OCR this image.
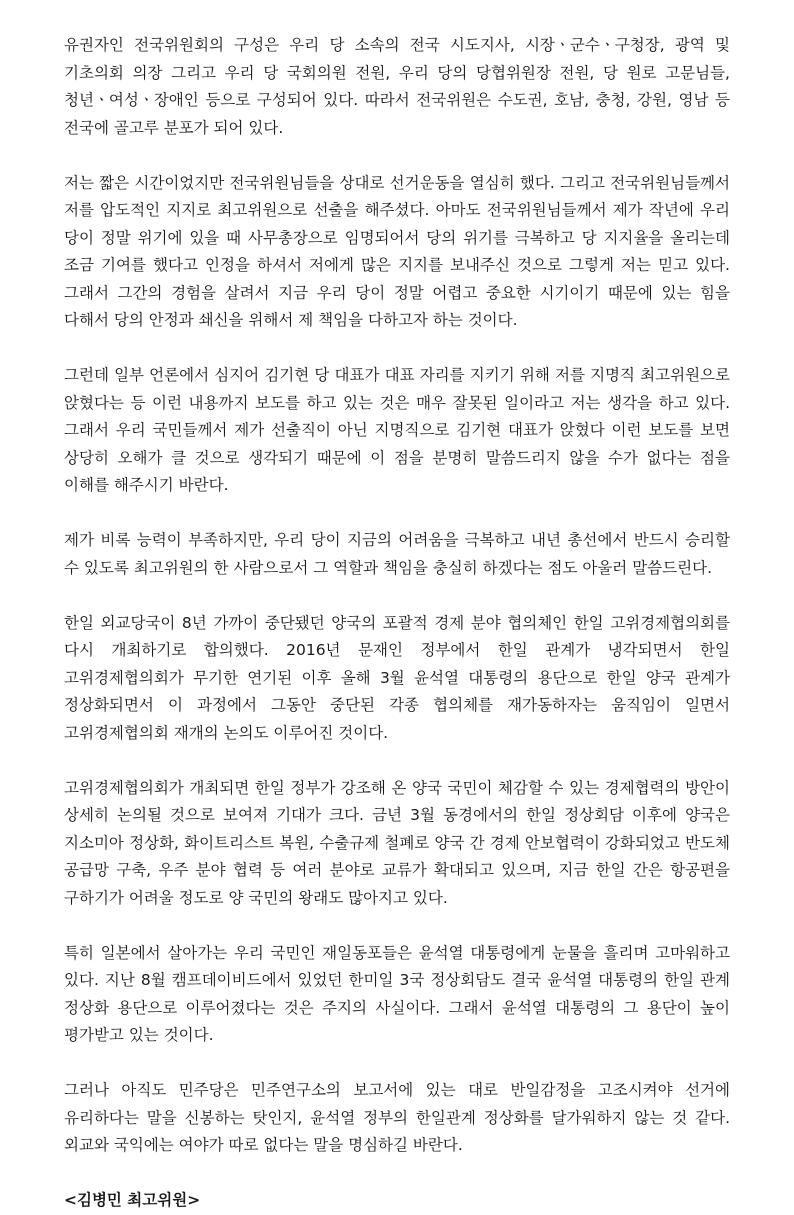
유권자인 전국위원회의 구성은 우리 당 소속의 전국 시도지사, 시장ㆍ군수ㆍ구청장, 광역 및 기초의회 의장 그리고 우리 당 국회의원 전원, 우리 당의 당협위원장 전원, 당 원로 고문님들, 청년ㆍ여성ㆍ장애인 등으로 구성되어 있다. 따라서 전국위원은 수도권, 호남, 충청, 강원, 영남 등 전국에 골고루 분포가 되어 있다.

저는 짧은 시간이었지만 전국위원님들을 상대로 선거운동을 열심히 했다. 그리고 전국위원님들께서 저를 압도적인 지지로 최고위원으로 선출을 해주셨다. 아마도 전국위원님들께서 제가 작년에 우리 당이 정말 위기에 있을 때 사무총장으로 임명되어서 당의 위기를 극복하고 당 지지율을 올리는데 조금 기여를 했다고 인정을 하셔서 저에게 많은 지지를 보내주신 것으로 그렇게 저는 믿고 있다. 그래서 그간의 경험을 살려서 지금 우리 당이 정말 어렵고 중요한 시기이기 때문에 있는 힘을 다해서 당의 안정과 쇄신을 위해서 제 책임을 다하고자 하는 것이다.

그런데 일부 언론에서 심지어 김기현 당 대표가 대표 자리를 지키기 위해 저를 지명직 최고위원으로 앉혔다는 등 이런 내용까지 보도를 하고 있는 것은 매우 잘못된 일이라고 저는 생각을 하고 있다. 그래서 우리 국민들께서 제가 선출직이 아닌 지명직으로 김기현 대표가 앉혔다 이런 보도를 보면 상당히 오해가 클 것으로 생각되기 때문에 이 점을 분명히 말씀드리지 않을 수가 없다는 점을 이해를 해주시기 바란다.

제가 비록 능력이 부족하지만, 우리 당이 지금의 어려움을 극복하고 내년 총선에서 반드시 승리할 수 있도록 최고위원의 한 사람으로서 그 역할과 책임을 충실히 하겠다는 점도 아울러 말씀드린다.

한일 외교당국이 8년 가까이 중단됐던 양국의 포괄적 경제 분야 협의체인 한일 고위경제협의회를 다시 개최하기로 합의했다. 2016년 문재인 정부에서 한일 관계가 냉각되면서 한일 고위경제협의회가 무기한 연기된 이후 올해 3월 윤석열 대통령의 용단으로 한일 양국 관계가 정상화되면서 이 과정에서 그동안 중단된 각종 협의체를 재가동하자는 움직임이 일면서 고위경제협의회 재개의 논의도 이루어진 것이다.

고위경제협의회가 개최되면 한일 정부가 강조해 온 양국 국민이 체감할 수 있는 경제협력의 방안이 상세히 논의될 것으로 보여져 기대가 크다. 금년 3월 동경에서의 한일 정상회담 이후에 양국은 지소미아 정상화, 화이트리스트 복원, 수출규제 철폐로 양국 간 경제 안보협력이 강화되었고 반도체 공급망 구축, 우주 분야 협력 등 여러 분야로 교류가 확대되고 있으며, 지금 한일 간은 항공편을 구하기가 어려울 정도로 양 국민의 왕래도 많아지고 있다.

특히 일본에서 살아가는 우리 국민인 재일동포들은 윤석열 대통령에게 눈물을 흘리며 고마워하고 있다. 지난 8월 캠프데이비드에서 있었던 한미일 3국 정상회담도 결국 윤석열 대통령의 한일 관계 정상화 용단으로 이루어졌다는 것은 주지의 사실이다. 그래서 윤석열 대통령의 그 용단이 높이 평가받고 있는 것이다.

그러나 아직도 민주당은 민주연구소의 보고서에 있는 대로 반일감정을 고조시켜야 선거에 유리하다는 말을 신봉하는 탓인지, 윤석열 정부의 한일관계 정상화를 달가워하지 않는 것 같다. 외교와 국익에는 여야가 따로 없다는 말을 명심하길 바란다.

<김병민 최고위원>
